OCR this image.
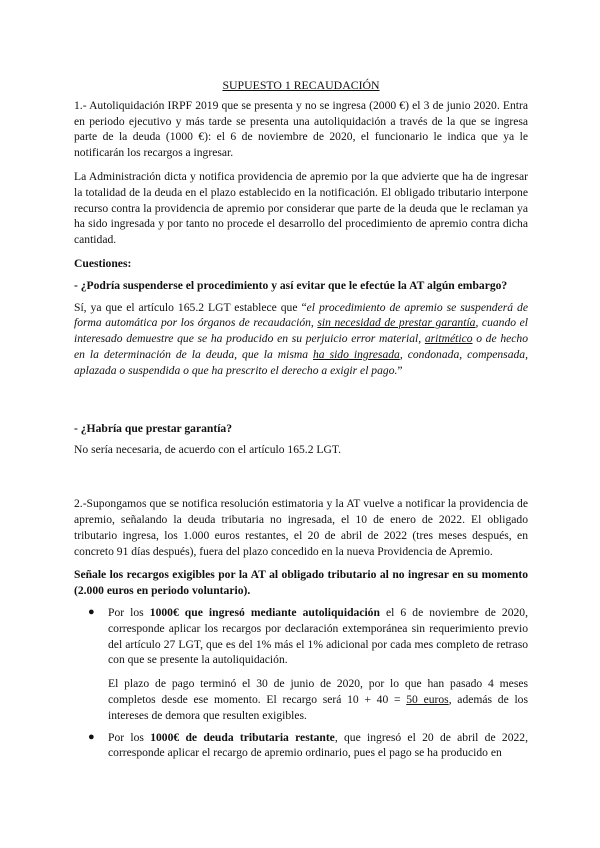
SUPUESTO 1 RECAUDACIÓN

1.- Autoliquidación IRPF 2019 que se presenta y no se ingresa (2000 €) el 3 de junio 2020. Entra en periodo ejecutivo y más tarde se presenta una autoliquidación a través de la que se ingresa parte de la deuda (1000 €): el 6 de noviembre de 2020, el funcionario le indica que ya le notificarán los recargos a ingresar.

La Administración dicta y notifica providencia de apremio por la que advierte que ha de ingresar la totalidad de la deuda en el plazo establecido en la notificación. El obligado tributario interpone recurso contra la providencia de apremio por considerar que parte de la deuda que le reclaman ya ha sido ingresada y por tanto no procede el desarrollo del procedimiento de apremio contra dicha cantidad.

Cuestiones:
- ¿Podría suspenderse el procedimiento y así evitar que le efectúe la AT algún embargo?

Sí, ya que el artículo 165.2 LGT establece que “el procedimiento de apremio se suspenderá de forma automática por los órganos de recaudación, sin necesidad de prestar garantía, cuando el interesado demuestre que se ha producido en su perjuicio error material, aritmético o de hecho en la determinación de la deuda, que la misma ha sido ingresada, condonada, compensada, aplazada o suspendida o que ha prescrito el derecho a exigir el pago.”

- ¿Habría que prestar garantía?

No sería necesaria, de acuerdo con el artículo 165.2 LGT.

2.-Supongamos que se notifica resolución estimatoria y la AT vuelve a notificar la providencia de apremio, señalando la deuda tributaria no ingresada, el 10 de enero de 2022. El obligado tributario ingresa, los 1.000 euros restantes, el 20 de abril de 2022 (tres meses después, en concreto 91 días después), fuera del plazo concedido en la nueva Providencia de Apremio.

Señale los recargos exigibles por la AT al obligado tributario al no ingresar en su momento (2.000 euros en periodo voluntario).

● Por los 1000€ que ingresó mediante autoliquidación el 6 de noviembre de 2020, corresponde aplicar los recargos por declaración extemporánea sin requerimiento previo del artículo 27 LGT, que es del 1% más el 1% adicional por cada mes completo de retraso con que se presente la autoliquidación.
El plazo de pago terminó el 30 de junio de 2020, por lo que han pasado 4 meses completos desde ese momento. El recargo será 10 + 40 = 50 euros, además de los intereses de demora que resulten exigibles.
● Por los 1000€ de deuda tributaria restante, que ingresó el 20 de abril de 2022, corresponde aplicar el recargo de apremio ordinario, pues el pago se ha producido en
